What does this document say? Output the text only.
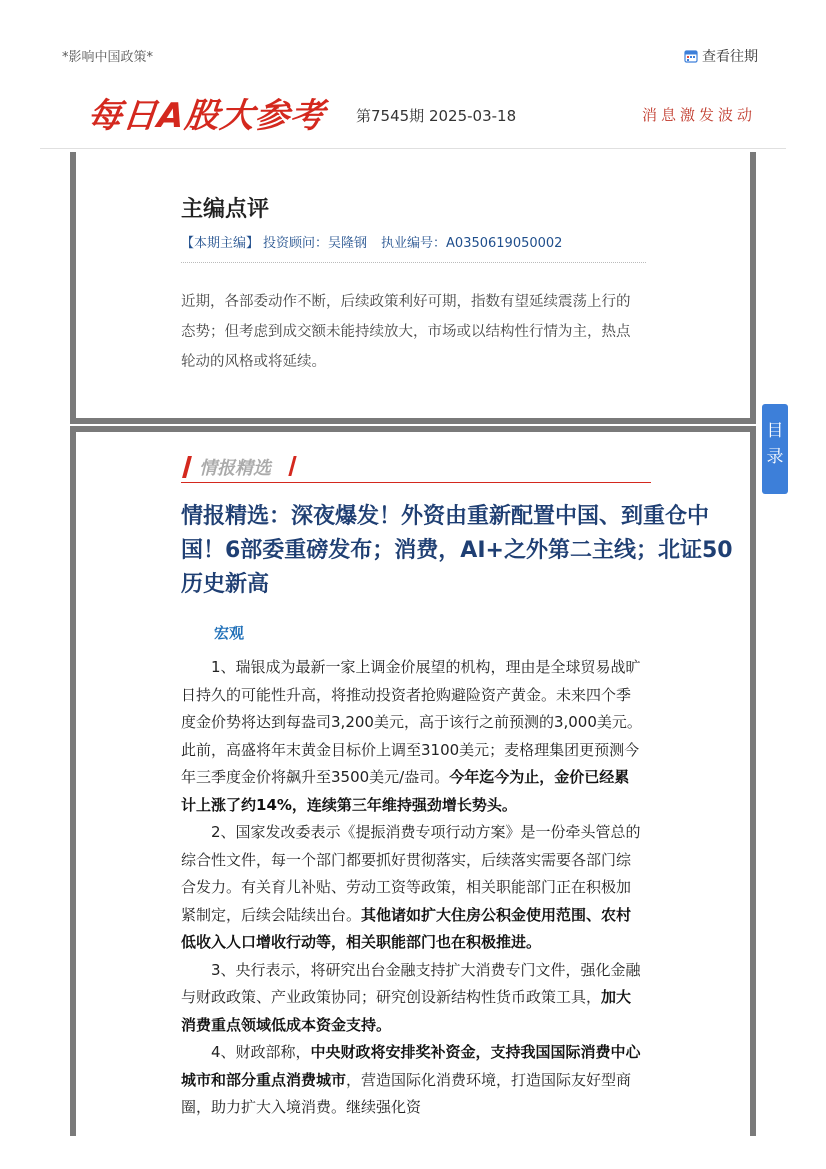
*影响中国政策*	查看往期
每日A股大参考 第7545期 2025-03-18	消息激发波动
主编点评
【本期主编】 投资顾问：吴隆钢 执业编号：A0350619050002
近期，各部委动作不断，后续政策利好可期，指数有望延续震荡上行的态势；但考虑到成交额未能持续放大，市场或以结构性行情为主，热点轮动的风格或将延续。
情报精选
情报精选：深夜爆发！外资由重新配置中国、到重仓中国！6部委重磅发布；消费，AI+之外第二主线；北证50历史新高
宏观

1、瑞银成为最新一家上调金价展望的机构，理由是全球贸易战旷日持久的可能性升高，将推动投资者抢购避险资产黄金。未来四个季度金价势将达到每盎司3,200美元，高于该行之前预测的3,000美元。此前，高盛将年末黄金目标价上调至3100美元；麦格理集团更预测今年三季度金价将飙升至3500美元/盎司。今年迄今为止，金价已经累计上涨了约14%，连续第三年维持强劲增长势头。

2、国家发改委表示《提振消费专项行动方案》是一份牵头管总的综合性文件，每一个部门都要抓好贯彻落实，后续落实需要各部门综合发力。有关育儿补贴、劳动工资等政策，相关职能部门正在积极加紧制定，后续会陆续出台。其他诸如扩大住房公积金使用范围、农村低收入人口增收行动等，相关职能部门也在积极推进。

3、央行表示，将研究出台金融支持扩大消费专门文件，强化金融与财政政策、产业政策协同；研究创设新结构性货币政策工具，加大消费重点领域低成本资金支持。

4、财政部称，中央财政将安排奖补资金，支持我国国际消费中心城市和部分重点消费城市，营造国际化消费环境，打造国际友好型商圈，助力扩大入境消费。继续强化资

目
录
